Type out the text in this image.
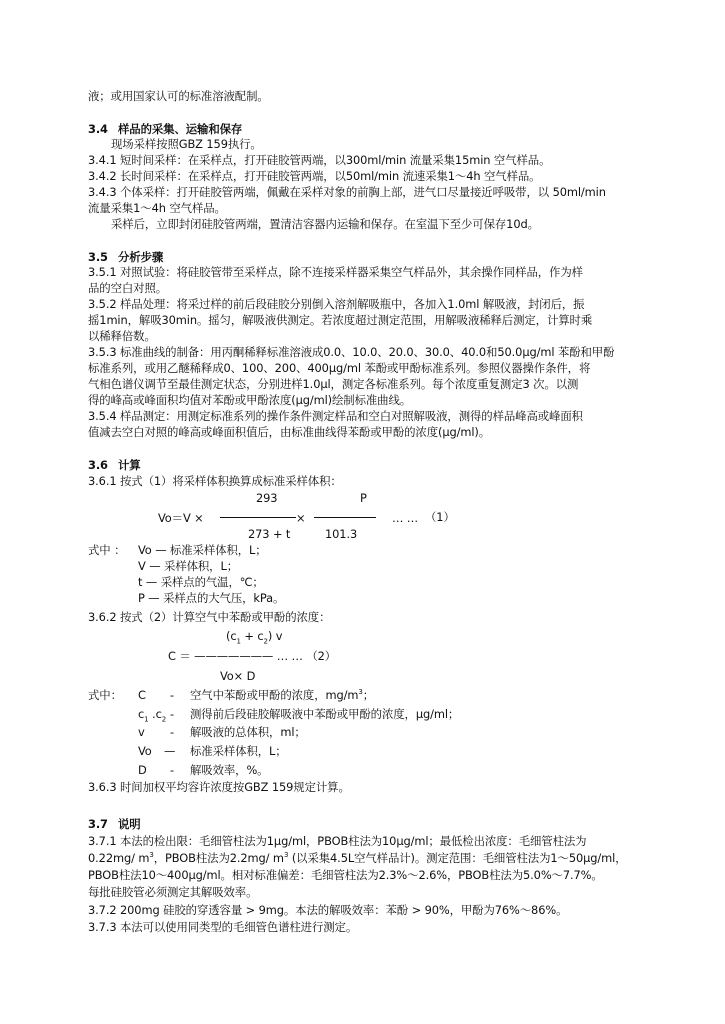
液；或用国家认可的标准溶液配制。
3.4 样品的采集、运输和保存
现场采样按照GBZ 159执行。
3.4.1 短时间采样：在采样点，打开硅胶管两端，以300ml/min 流量采集15min 空气样品。
3.4.2 长时间采样：在采样点，打开硅胶管两端，以50ml/min 流速采集1～4h 空气样品。
3.4.3 个体采样：打开硅胶管两端，佩戴在采样对象的前胸上部，进气口尽量接近呼吸带，以 50ml/min
流量采集1～4h 空气样品。
采样后，立即封闭硅胶管两端，置清洁容器内运输和保存。在室温下至少可保存10d。
3.5 分析步骤
3.5.1 对照试验：将硅胶管带至采样点，除不连接采样器采集空气样品外，其余操作同样品，作为样
品的空白对照。
3.5.2 样品处理：将采过样的前后段硅胶分别倒入溶剂解吸瓶中，各加入1.0ml 解吸液，封闭后，振
摇1min，解吸30min。摇匀，解吸液供测定。若浓度超过测定范围，用解吸液稀释后测定，计算时乘
以稀释倍数。
3.5.3 标准曲线的制备：用丙酮稀释标准溶液成0.0、10.0、20.0、30.0、40.0和50.0μg/ml 苯酚和甲酚
标准系列，或用乙醚稀释成0、100、200、400μg/ml 苯酚或甲酚标准系列。参照仪器操作条件，将
气相色谱仪调节至最佳测定状态，分别进样1.0μl，测定各标准系列。每个浓度重复测定3 次。以测
得的峰高或峰面积均值对苯酚或甲酚浓度(μg/ml)绘制标准曲线。
3.5.4 样品测定：用测定标准系列的操作条件测定样品和空白对照解吸液，测得的样品峰高或峰面积
值减去空白对照的峰高或峰面积值后，由标准曲线得苯酚或甲酚的浓度(μg/ml)。
3.6 计算
3.6.1 按式（1）将采样体积换算成标准采样体积：
293	P
Vo＝V ×	×	… … （1）
273 + t	101.3
式中 ： Vo — 标准采样体积，L；
V — 采样体积，L；
t — 采样点的气温，℃；
P — 采样点的大气压，kPa。
3.6.2 按式（2）计算空气中苯酚或甲酚的浓度：
$(c_1 + c_2)$ v
C ＝ ——————— … … （2）
Vo× D
式中： C - 空气中苯酚或甲酚的浓度，$mg/m^3$；
$c_1$ $.c_2$ - 测得前后段硅胶解吸液中苯酚或甲酚的浓度，μg/ml；
v - 解吸液的总体积，ml；
Vo — 标准采样体积，L；
D - 解吸效率，%。
3.6.3 时间加权平均容许浓度按GBZ 159规定计算。
3.7 说明
3.7.1 本法的检出限：毛细管柱法为1μg/ml，PBOB柱法为10μg/ml；最低检出浓度：毛细管柱法为
0.22mg/ $m^3$，PBOB柱法为2.2mg/ $m^3$ (以采集4.5L空气样品计)。测定范围：毛细管柱法为1～50μg/ml，
PBOB柱法10～400μg/ml。相对标准偏差：毛细管柱法为2.3%～2.6%，PBOB柱法为5.0%～7.7%。
每批硅胶管必须测定其解吸效率。
3.7.2 200mg 硅胶的穿透容量 > 9mg。本法的解吸效率：苯酚 > 90%，甲酚为76%～86%。
3.7.3 本法可以使用同类型的毛细管色谱柱进行测定。
